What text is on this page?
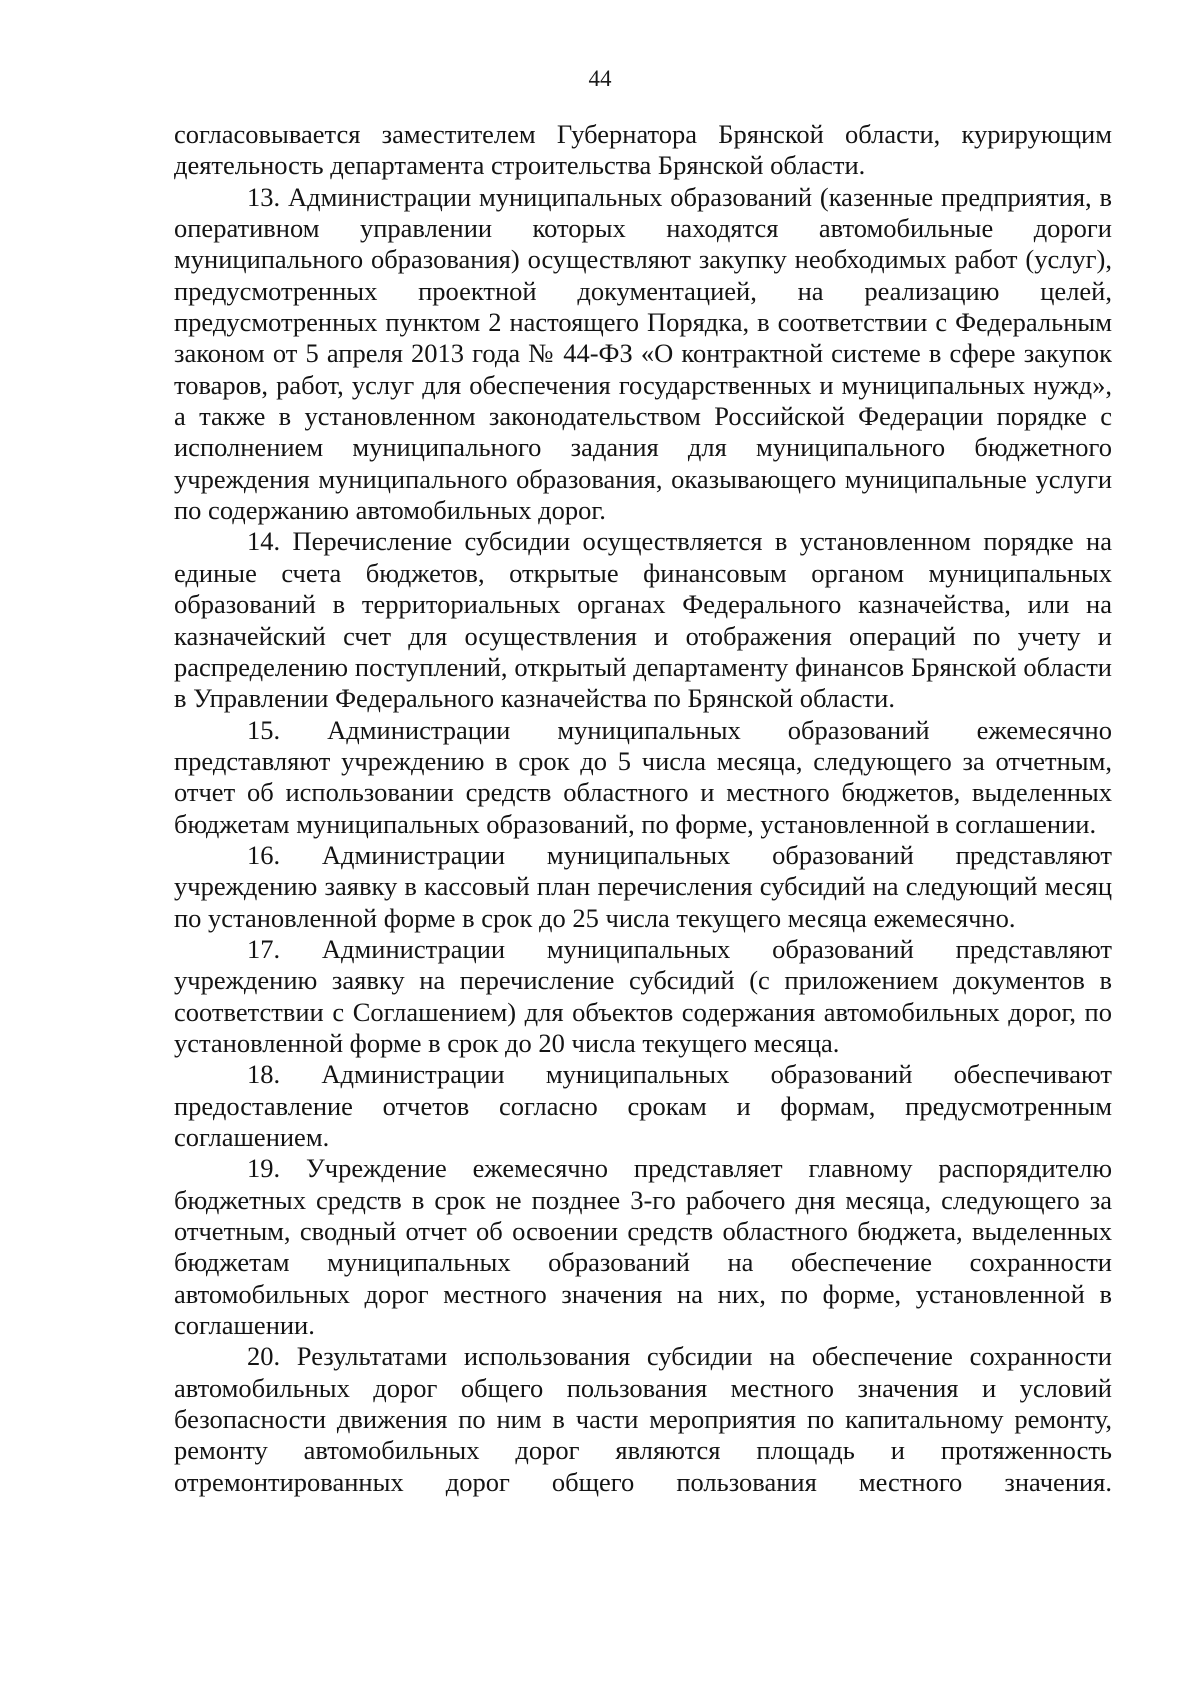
44

согласовывается заместителем Губернатора Брянской области, курирующим деятельность департамента строительства Брянской области.

13. Администрации муниципальных образований (казенные предприятия, в оперативном управлении которых находятся автомобильные дороги муниципального образования) осуществляют закупку необходимых работ (услуг), предусмотренных проектной документацией, на реализацию целей, предусмотренных пунктом 2 настоящего Порядка, в соответствии с Федеральным законом от 5 апреля 2013 года № 44-ФЗ «О контрактной системе в сфере закупок товаров, работ, услуг для обеспечения государственных и муниципальных нужд», а также в установленном законодательством Российской Федерации порядке с исполнением муниципального задания для муниципального бюджетного учреждения муниципального образования, оказывающего муниципальные услуги по содержанию автомобильных дорог.

14. Перечисление субсидии осуществляется в установленном порядке на единые счета бюджетов, открытые финансовым органом муниципальных образований в территориальных органах Федерального казначейства, или на казначейский счет для осуществления и отображения операций по учету и распределению поступлений, открытый департаменту финансов Брянской области в Управлении Федерального казначейства по Брянской области.

15. Администрации муниципальных образований ежемесячно представляют учреждению в срок до 5 числа месяца, следующего за отчетным, отчет об использовании средств областного и местного бюджетов, выделенных бюджетам муниципальных образований, по форме, установленной в соглашении.

16. Администрации муниципальных образований представляют учреждению заявку в кассовый план перечисления субсидий на следующий месяц по установленной форме в срок до 25 числа текущего месяца ежемесячно.

17. Администрации муниципальных образований представляют учреждению заявку на перечисление субсидий (с приложением документов в соответствии с Соглашением) для объектов содержания автомобильных дорог, по установленной форме в срок до 20 числа текущего месяца.

18. Администрации муниципальных образований обеспечивают предоставление отчетов согласно срокам и формам, предусмотренным соглашением.

19. Учреждение ежемесячно представляет главному распорядителю бюджетных средств в срок не позднее 3-го рабочего дня месяца, следующего за отчетным, сводный отчет об освоении средств областного бюджета, выделенных бюджетам муниципальных образований на обеспечение сохранности автомобильных дорог местного значения на них, по форме, установленной в соглашении.

20. Результатами использования субсидии на обеспечение сохранности автомобильных дорог общего пользования местного значения и условий безопасности движения по ним в части мероприятия по капитальному ремонту, ремонту автомобильных дорог являются площадь и протяженность отремонтированных дорог общего пользования местного значения.
